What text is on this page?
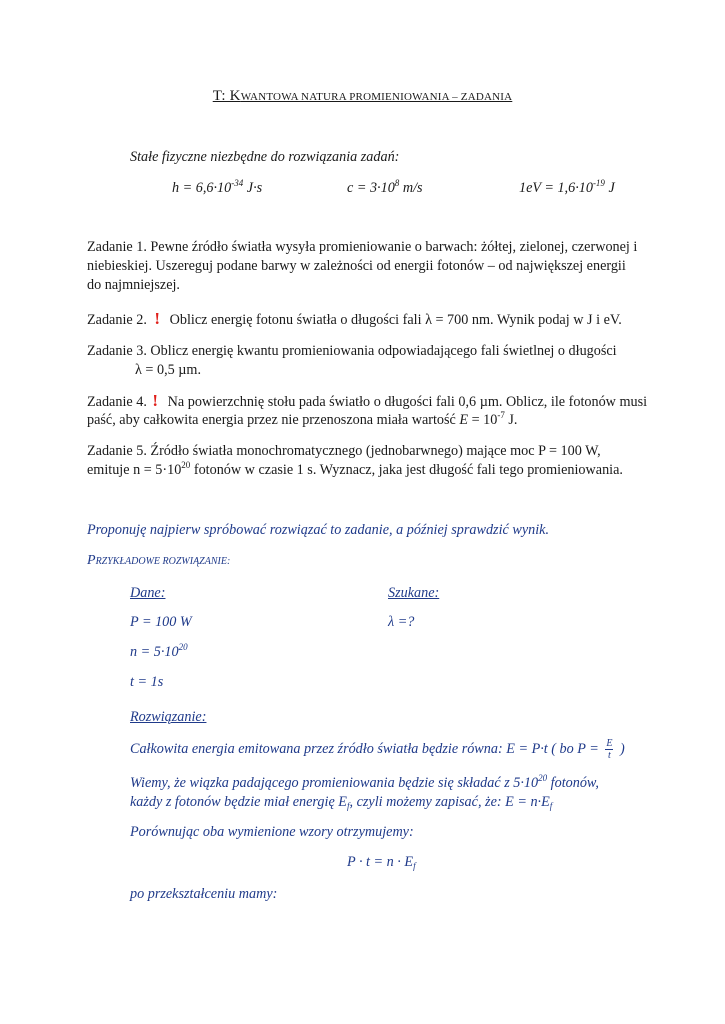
T: KWANTOWA NATURA PROMIENIOWANIA – ZADANIA
Stałe fizyczne niezbędne do rozwiązania zadań:
$h = 6,6\cdot 10^{-34}$ J·s	$c = 3\cdot 10^8$ m/s	$1eV = 1,6\cdot 10^{-19}$ J
Zadanie 1. Pewne źródło światła wysyła promieniowanie o barwach: żółtej, zielonej, czerwonej i
niebieskiej. Uszereguj podane barwy w zależności od energii fotonów – od największej energii
do najmniejszej.
Zadanie 2. ! Oblicz energię fotonu światła o długości fali λ = 700 nm. Wynik podaj w J i eV.
Zadanie 3. Oblicz energię kwantu promieniowania odpowiadającego fali świetlnej o długości
λ = 0,5 µm.
Zadanie 4. ! Na powierzchnię stołu pada światło o długości fali 0,6 µm. Oblicz, ile fotonów musi
paść, aby całkowita energia przez nie przenoszona miała wartość $E = 10^{-7}$ J.
Zadanie 5. Źródło światła monochromatycznego (jednobarwnego) mające moc P = 100 W,
emituje $n = 5\cdot 10^{20}$ fotonów w czasie 1 s. Wyznacz, jaka jest długość fali tego promieniowania.
Proponuję najpierw spróbować rozwiązać to zadanie, a później sprawdzić wynik.
PRZYKŁADOWE ROZWIĄZANIE:
Dane:	Szukane:
P = 100 W	λ =?
$n = 5\cdot 10^{20}$
t = 1s
Rozwiązanie:
Całkowita energia emitowana przez źródło światła będzie równa: E = P·t ( bo $P = \frac{E}{t}$ )
Wiemy, że wiązka padającego promieniowania będzie się składać z $5\cdot 10^{20}$ fotonów,
każdy z fotonów będzie miał energię $E_f$, czyli możemy zapisać, że: $E = n\cdot E_f$
Porównując oba wymienione wzory otrzymujemy:
$P \cdot t = n \cdot E_f$
po przekształceniu mamy:
